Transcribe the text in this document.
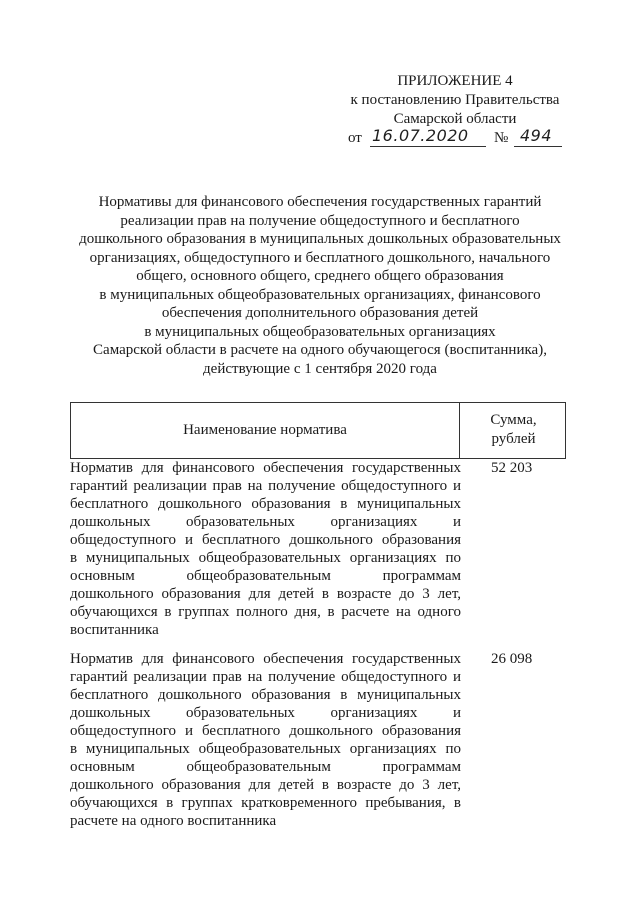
ПРИЛОЖЕНИЕ 4
к постановлению Правительства
Самарской области
от 16.07.2020 № 494
Нормативы для финансового обеспечения государственных гарантий
реализации прав на получение общедоступного и бесплатного
дошкольного образования в муниципальных дошкольных образовательных
организациях, общедоступного и бесплатного дошкольного, начального
общего, основного общего, среднего общего образования
в муниципальных общеобразовательных организациях, финансового
обеспечения дополнительного образования детей
в муниципальных общеобразовательных организациях
Самарской области в расчете на одного обучающегося (воспитанника),
действующие с 1 сентября 2020 года
Наименование норматива
Сумма,
рублей
Норматив для финансового обеспечения государственных
гарантий реализации прав на получение общедоступного и
бесплатного дошкольного образования в муниципальных
дошкольных образовательных организациях и
общедоступного и бесплатного дошкольного образования
в муниципальных общеобразовательных организациях по
основным общеобразовательным программам
дошкольного образования для детей в возрасте до 3 лет,
обучающихся в группах полного дня, в расчете на одного
воспитанника
52 203
Норматив для финансового обеспечения государственных
гарантий реализации прав на получение общедоступного и
бесплатного дошкольного образования в муниципальных
дошкольных образовательных организациях и
общедоступного и бесплатного дошкольного образования
в муниципальных общеобразовательных организациях по
основным общеобразовательным программам
дошкольного образования для детей в возрасте до 3 лет,
обучающихся в группах кратковременного пребывания, в
расчете на одного воспитанника
26 098
